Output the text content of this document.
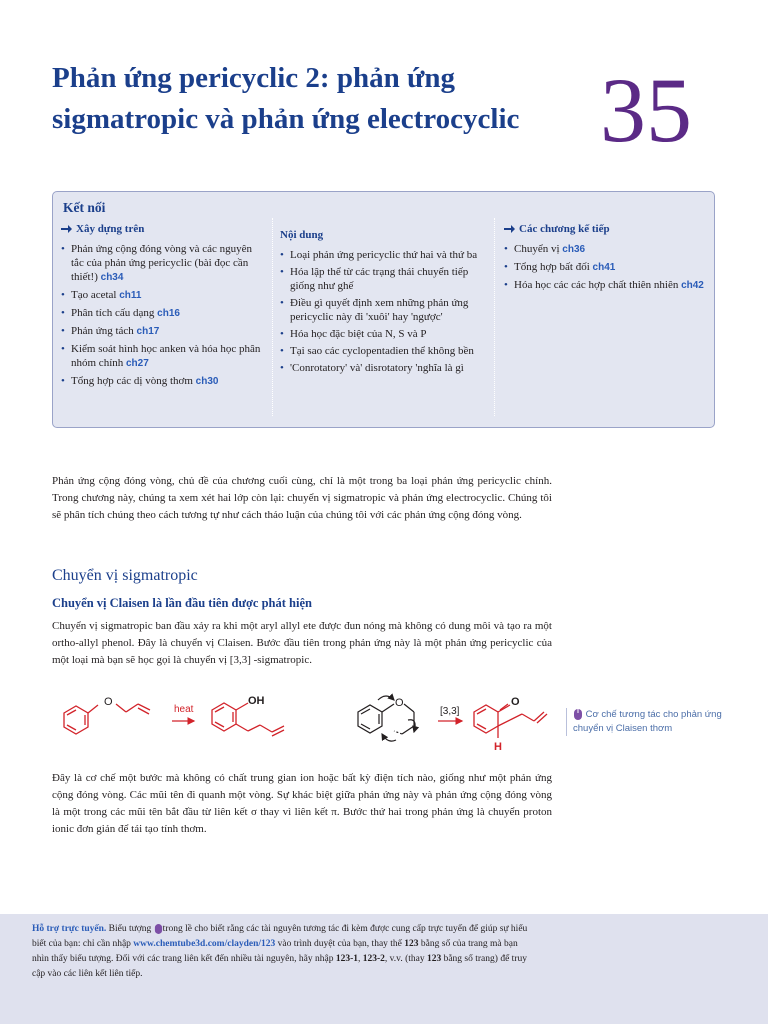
Phản ứng pericyclic 2: phản ứng sigmatropic và phản ứng electrocyclic 35
Kết nối
Xây dựng trên
• Phản ứng cộng đóng vòng và các nguyên tắc của phản ứng pericyclic (bài đọc cần thiết!) ch34
• Tạo acetal ch11
• Phân tích cấu dạng ch16
• Phản ứng tách ch17
• Kiểm soát hình học anken và hóa học phân nhóm chính ch27
• Tổng hợp các dị vòng thơm ch30
Nội dung
• Loại phản ứng pericyclic thứ hai và thứ ba
• Hóa lập thể từ các trạng thái chuyển tiếp giống như ghế
• Điều gì quyết định xem những phản ứng pericyclic này đi 'xuôi' hay 'ngược'
• Hóa học đặc biệt của N, S và P
• Tại sao các cyclopentadien thể không bền
• 'Conrotatory' và' disrotatory 'nghĩa là gì
Các chương kế tiếp
• Chuyển vị ch36
• Tổng hợp bất đối ch41
• Hóa học các các hợp chất thiên nhiên ch42

Phản ứng cộng đóng vòng, chủ đề của chương cuối cùng, chỉ là một trong ba loại phản ứng pericyclic chính. Trong chương này, chúng ta xem xét hai lớp còn lại: chuyển vị sigmatropic và phản ứng electrocyclic. Chúng tôi sẽ phân tích chúng theo cách tương tự như cách thảo luận của chúng tôi với các phản ứng cộng đóng vòng.

Chuyển vị sigmatropic
Chuyển vị Claisen là lần đầu tiên được phát hiện

Chuyển vị sigmatropic ban đầu xảy ra khi một aryl allyl ete được đun nóng mà không có dung môi và tạo ra một ortho-allyl phenol. Đây là chuyển vị Claisen. Bước đầu tiên trong phản ứng này là một phản ứng pericyclic của một loại mà bạn sẽ học gọi là chuyển vị [3,3] -sigmatropic.

O
heat
OH	O
[3,3]
O
H
Cơ chế tương tác cho phản ứng chuyển vị Claisen thơm

Đây là cơ chế một bước mà không có chất trung gian ion hoặc bất kỳ điện tích nào, giống như một phản ứng cộng đóng vòng. Các mũi tên đi quanh một vòng. Sự khác biệt giữa phản ứng này và phản ứng cộng đóng vòng là một trong các mũi tên bắt đầu từ liên kết σ thay vì liên kết π. Bước thứ hai trong phản ứng là chuyển proton ionic đơn giản để tái tạo tính thơm.

Hỗ trợ trực tuyến. Biểu tượng trong lề cho biết rằng các tài nguyên tương tác đi kèm được cung cấp trực tuyến để giúp sự hiểu biết của bạn: chỉ cần nhập www.chemtube3d.com/clayden/123 vào trình duyệt của bạn, thay thế 123 bằng số của trang mà bạn nhìn thấy biểu tượng. Đối với các trang liên kết đến nhiều tài nguyên, hãy nhập 123-1, 123-2, v.v. (thay 123 bằng số trang) để truy cập vào các liên kết liên tiếp.
